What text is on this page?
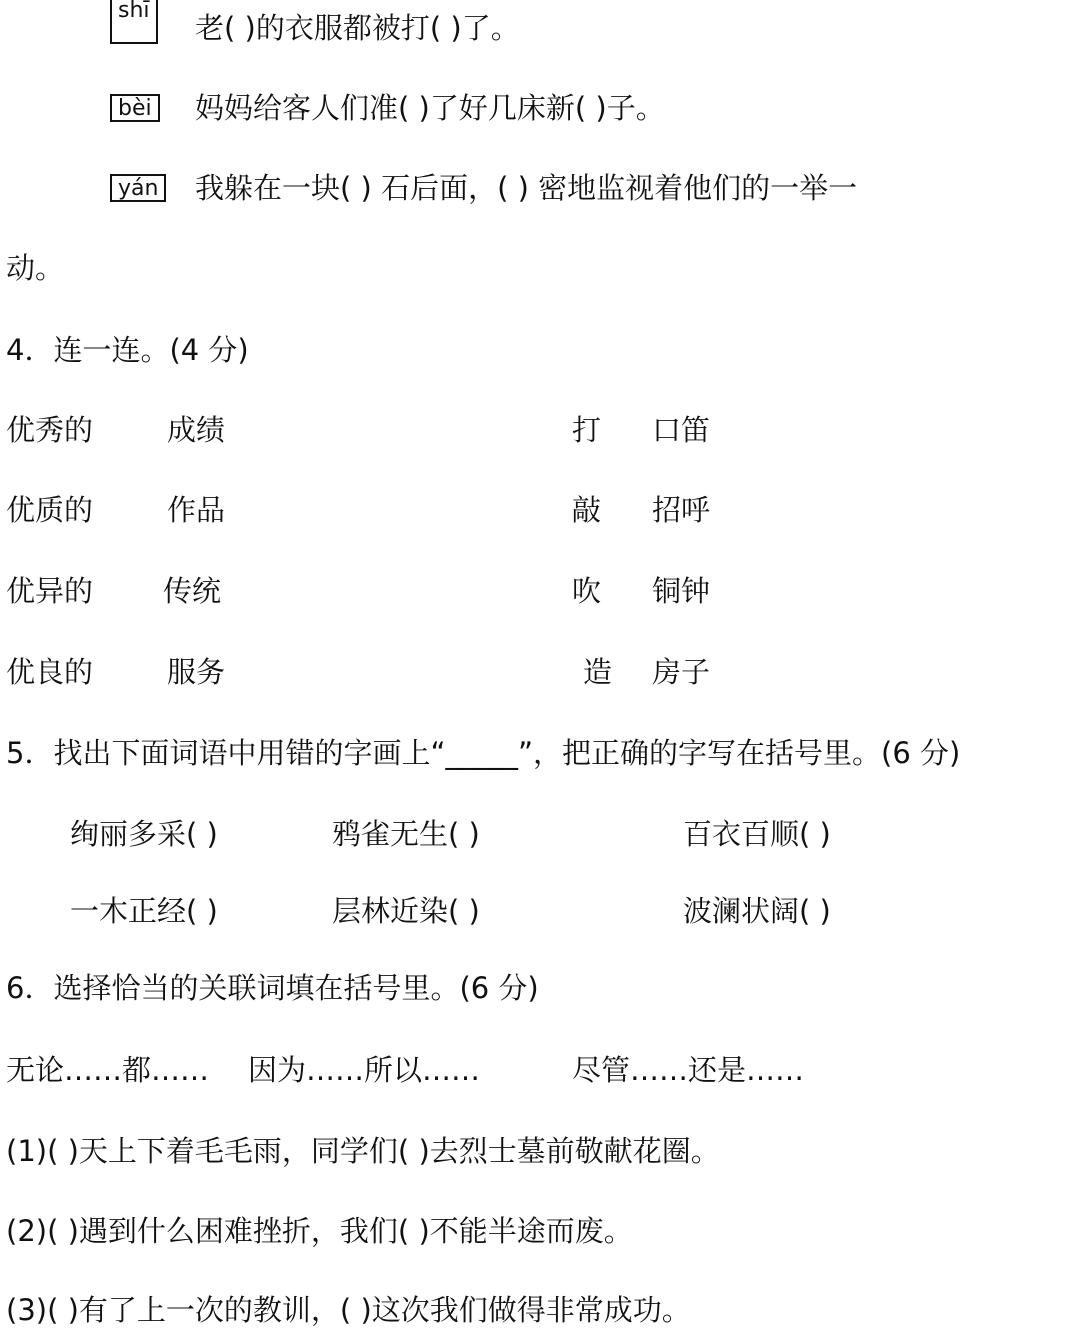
shī
老( )的衣服都被打( )了。
bèi 妈妈给客人们准( )了好几床新( )子。
yán 我躲在一块( ) 石后面，( ) 密地监视着他们的一举一
动。
4．连一连。(4 分)
优秀的	成绩	打 口笛
优质的	作品	敲 招呼
优异的 传统	吹 铜钟
优良的	服务	造 房子
5．找出下面词语中用错的字画上“_____”，把正确的字写在括号里。(6 分)
绚丽多采( )	鸦雀无生( )	百衣百顺( )
一木正经( )	层林近染( )	波澜状阔( )
6．选择恰当的关联词填在括号里。(6 分)
无论……都…… 因为……所以……	尽管……还是……
(1)( )天上下着毛毛雨，同学们( )去烈士墓前敬献花圈。
(2)( )遇到什么困难挫折，我们( )不能半途而废。
(3)( )有了上一次的教训，( )这次我们做得非常成功。
